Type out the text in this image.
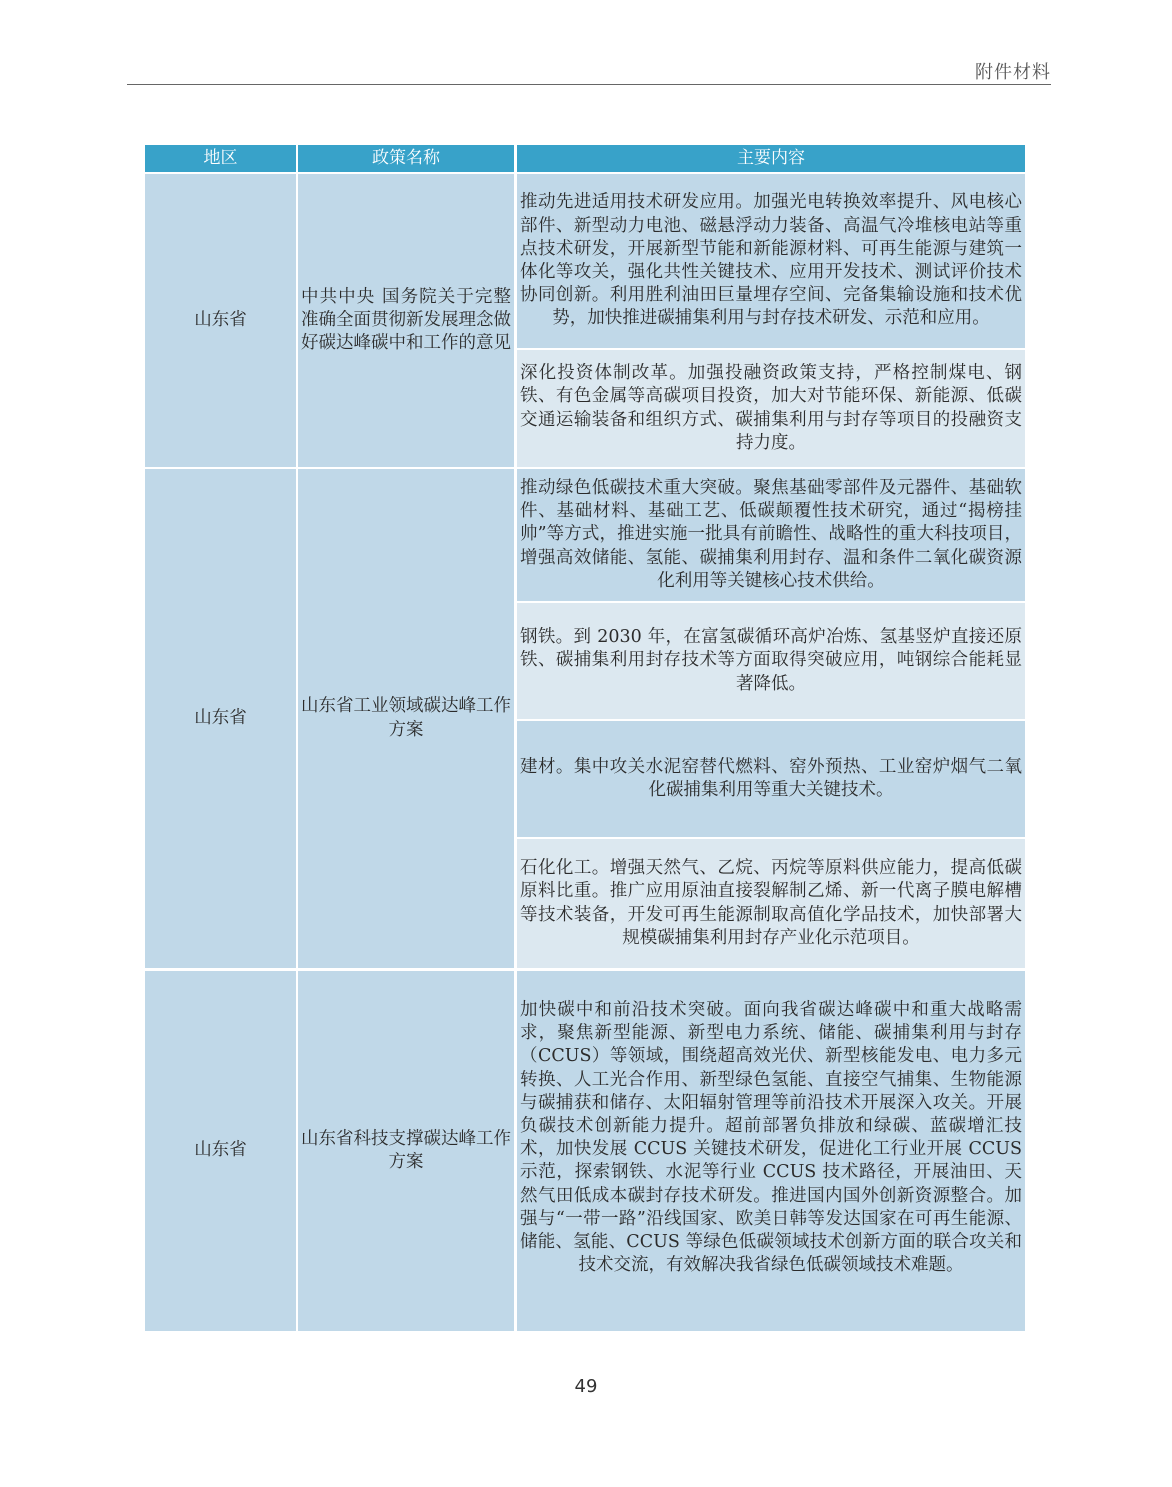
附件材料
地区	政策名称	主要内容
山东省
中共中央 国务院关于完整准确全面贯彻新发展理念做好碳达峰碳中和工作的意见
推动先进适用技术研发应用。加强光电转换效率提升、风电核心部件、新型动力电池、磁悬浮动力装备、高温气冷堆核电站等重点技术研发，开展新型节能和新能源材料、可再生能源与建筑一体化等攻关，强化共性关键技术、应用开发技术、测试评价技术协同创新。利用胜利油田巨量埋存空间、完备集输设施和技术优势，加快推进碳捕集利用与封存技术研发、示范和应用。
深化投资体制改革。加强投融资政策支持，严格控制煤电、钢铁、有色金属等高碳项目投资，加大对节能环保、新能源、低碳交通运输装备和组织方式、碳捕集利用与封存等项目的投融资支持力度。
山东省
山东省工业领域碳达峰工作方案
推动绿色低碳技术重大突破。聚焦基础零部件及元器件、基础软件、基础材料、基础工艺、低碳颠覆性技术研究，通过“揭榜挂帅”等方式，推进实施一批具有前瞻性、战略性的重大科技项目，增强高效储能、氢能、碳捕集利用封存、温和条件二氧化碳资源化利用等关键核心技术供给。
钢铁。到 2030 年，在富氢碳循环高炉冶炼、氢基竖炉直接还原铁、碳捕集利用封存技术等方面取得突破应用，吨钢综合能耗显著降低。
建材。集中攻关水泥窑替代燃料、窑外预热、工业窑炉烟气二氧化碳捕集利用等重大关键技术。
石化化工。增强天然气、乙烷、丙烷等原料供应能力，提高低碳原料比重。推广应用原油直接裂解制乙烯、新一代离子膜电解槽等技术装备，开发可再生能源制取高值化学品技术，加快部署大规模碳捕集利用封存产业化示范项目。
山东省
山东省科技支撑碳达峰工作方案
加快碳中和前沿技术突破。面向我省碳达峰碳中和重大战略需求，聚焦新型能源、新型电力系统、储能、碳捕集利用与封存（CCUS）等领域，围绕超高效光伏、新型核能发电、电力多元转换、人工光合作用、新型绿色氢能、直接空气捕集、生物能源与碳捕获和储存、太阳辐射管理等前沿技术开展深入攻关。开展负碳技术创新能力提升。超前部署负排放和绿碳、蓝碳增汇技术，加快发展 CCUS 关键技术研发，促进化工行业开展 CCUS 示范，探索钢铁、水泥等行业 CCUS 技术路径，开展油田、天然气田低成本碳封存技术研发。推进国内国外创新资源整合。加强与“一带一路”沿线国家、欧美日韩等发达国家在可再生能源、储能、氢能、CCUS 等绿色低碳领域技术创新方面的联合攻关和技术交流，有效解决我省绿色低碳领域技术难题。
49
